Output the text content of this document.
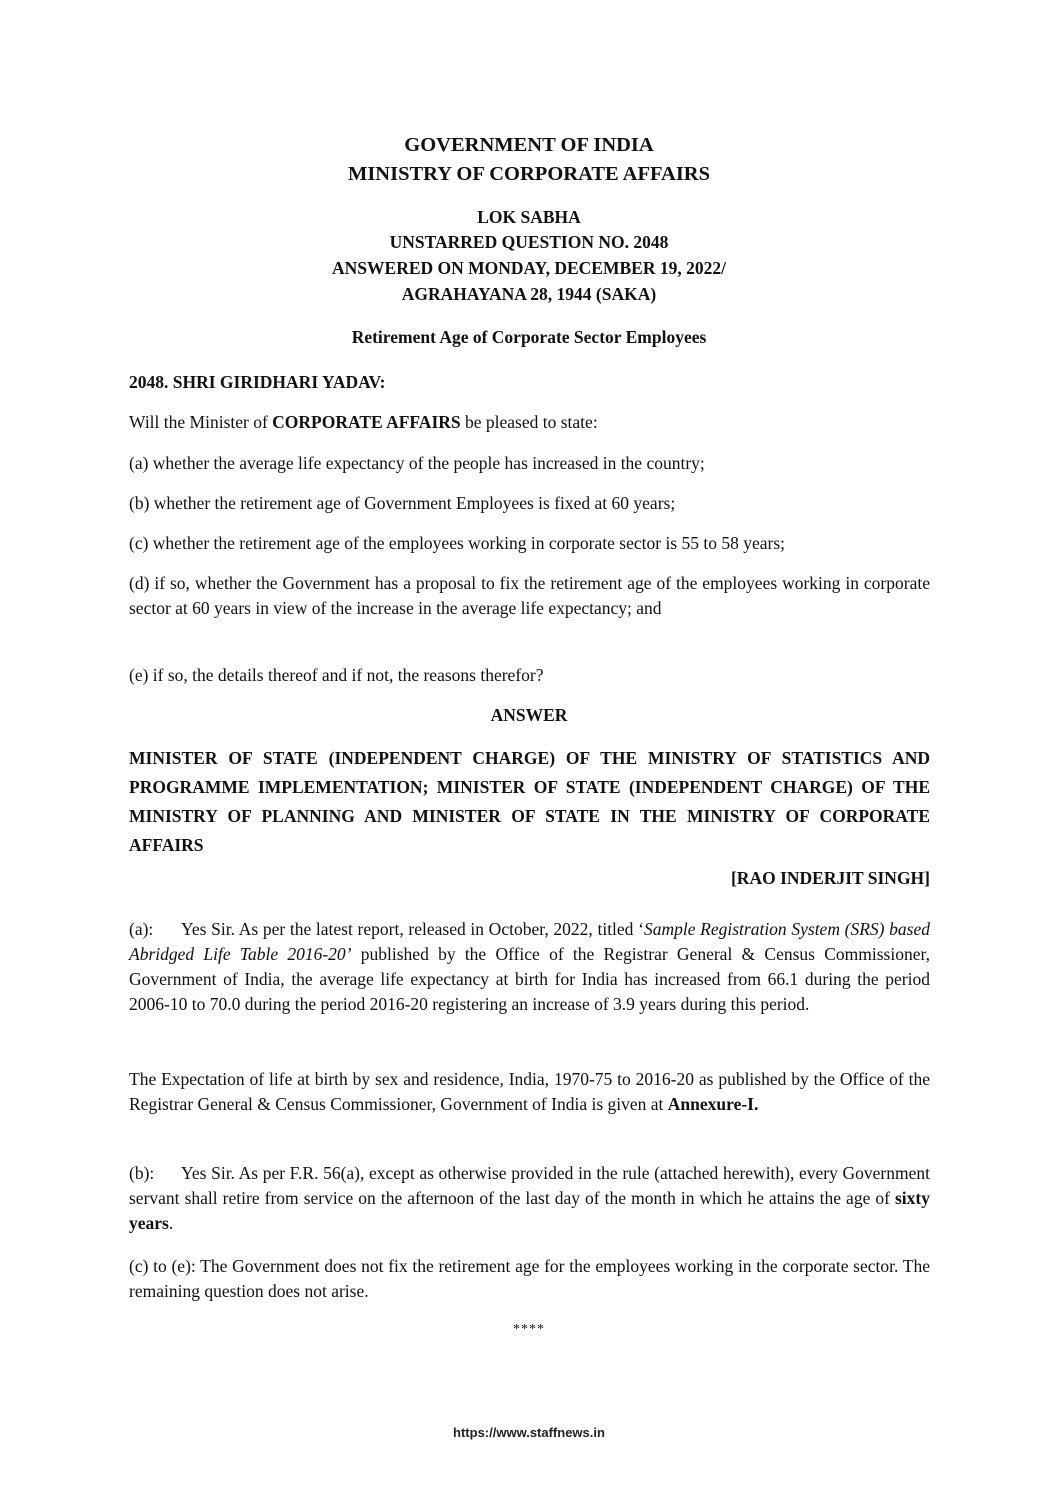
GOVERNMENT OF INDIA
MINISTRY OF CORPORATE AFFAIRS
LOK SABHA
UNSTARRED QUESTION NO. 2048
ANSWERED ON MONDAY, DECEMBER 19, 2022/
AGRAHAYANA 28, 1944 (SAKA)
Retirement Age of Corporate Sector Employees
2048. SHRI GIRIDHARI YADAV:
Will the Minister of CORPORATE AFFAIRS be pleased to state:
(a) whether the average life expectancy of the people has increased in the country;
(b) whether the retirement age of Government Employees is fixed at 60 years;
(c) whether the retirement age of the employees working in corporate sector is 55 to 58 years;
(d) if so, whether the Government has a proposal to fix the retirement age of the employees working in corporate sector at 60 years in view of the increase in the average life expectancy; and
(e) if so, the details thereof and if not, the reasons therefor?
ANSWER
MINISTER OF STATE (INDEPENDENT CHARGE) OF THE MINISTRY OF STATISTICS AND PROGRAMME IMPLEMENTATION; MINISTER OF STATE (INDEPENDENT CHARGE) OF THE MINISTRY OF PLANNING AND MINISTER OF STATE IN THE MINISTRY OF CORPORATE AFFAIRS
[RAO INDERJIT SINGH]
(a): Yes Sir. As per the latest report, released in October, 2022, titled ‘Sample Registration System (SRS) based Abridged Life Table 2016-20’ published by the Office of the Registrar General & Census Commissioner, Government of India, the average life expectancy at birth for India has increased from 66.1 during the period 2006-10 to 70.0 during the period 2016-20 registering an increase of 3.9 years during this period.
The Expectation of life at birth by sex and residence, India, 1970-75 to 2016-20 as published by the Office of the Registrar General & Census Commissioner, Government of India is given at Annexure-I.
(b): Yes Sir. As per F.R. 56(a), except as otherwise provided in the rule (attached herewith), every Government servant shall retire from service on the afternoon of the last day of the month in which he attains the age of sixty years.
(c) to (e): The Government does not fix the retirement age for the employees working in the corporate sector. The remaining question does not arise.
****
https://www.staffnews.in
